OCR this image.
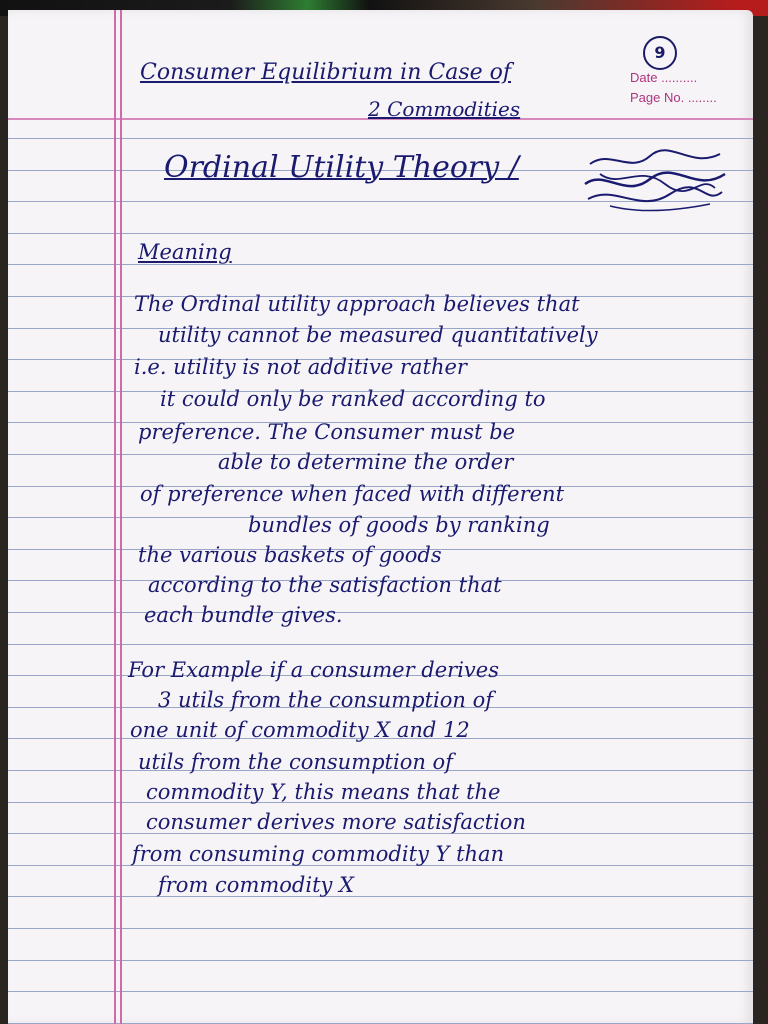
9
Date ..........
Page No. ........
Consumer Equilibrium in Case of
2 Commodities
Ordinal Utility Theory /
Meaning
The Ordinal utility approach believes that
utility cannot be measured quantitatively
i.e. utility is not additive rather
it could only be ranked according to
preference. The Consumer must be
able to determine the order
of preference when faced with different
bundles of goods by ranking
the various baskets of goods
according to the satisfaction that
each bundle gives.
For Example if a consumer derives
3 utils from the consumption of
one unit of commodity X and 12
utils from the consumption of
commodity Y, this means that the
consumer derives more satisfaction
from consuming commodity Y than
from commodity X
